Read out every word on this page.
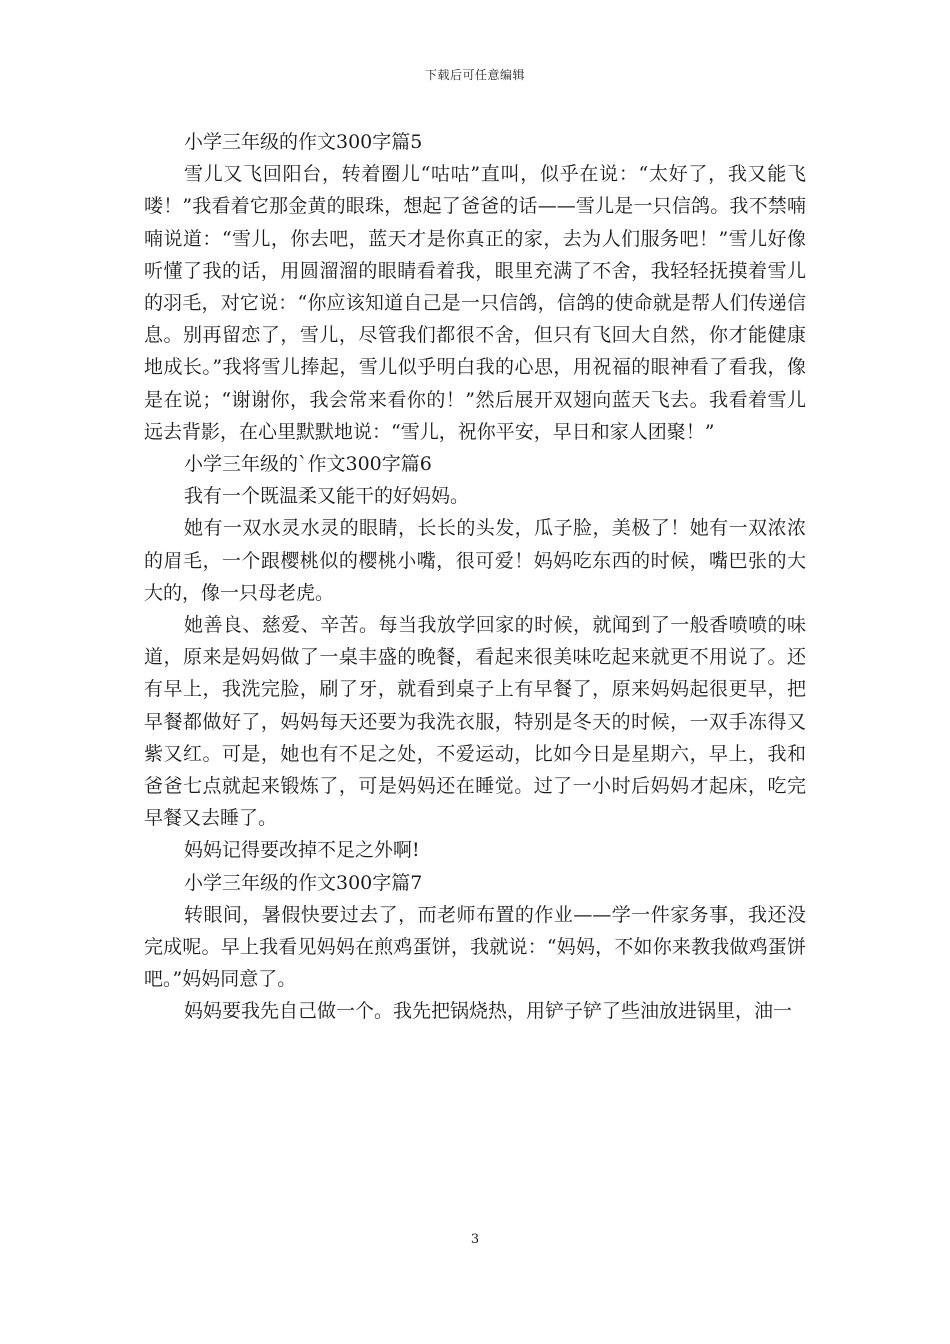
下载后可任意编辑

小学三年级的作文300字篇5

雪儿又飞回阳台，转着圈儿“咕咕”直叫，似乎在说：“太好了，我又能飞喽！”我看着它那金黄的眼珠，想起了爸爸的话——雪儿是一只信鸽。我不禁喃喃说道：“雪儿，你去吧，蓝天才是你真正的家，去为人们服务吧！”雪儿好像听懂了我的话，用圆溜溜的眼睛看着我，眼里充满了不舍，我轻轻抚摸着雪儿的羽毛，对它说：“你应该知道自己是一只信鸽，信鸽的使命就是帮人们传递信息。别再留恋了，雪儿，尽管我们都很不舍，但只有飞回大自然，你才能健康地成长。”我将雪儿捧起，雪儿似乎明白我的心思，用祝福的眼神看了看我，像是在说；“谢谢你，我会常来看你的！”然后展开双翅向蓝天飞去。我看着雪儿远去背影，在心里默默地说：“雪儿，祝你平安，早日和家人团聚！”

小学三年级的`作文300字篇6

我有一个既温柔又能干的好妈妈。

她有一双水灵水灵的眼睛，长长的头发，瓜子脸，美极了！她有一双浓浓的眉毛，一个跟樱桃似的樱桃小嘴，很可爱！妈妈吃东西的时候，嘴巴张的大大的，像一只母老虎。

她善良、慈爱、辛苦。每当我放学回家的时候，就闻到了一般香喷喷的味道，原来是妈妈做了一桌丰盛的晚餐，看起来很美味吃起来就更不用说了。还有早上，我洗完脸，刷了牙，就看到桌子上有早餐了，原来妈妈起很更早，把早餐都做好了，妈妈每天还要为我洗衣服，特别是冬天的时候，一双手冻得又紫又红。可是，她也有不足之处，不爱运动，比如今日是星期六，早上，我和爸爸七点就起来锻炼了，可是妈妈还在睡觉。过了一小时后妈妈才起床，吃完早餐又去睡了。

妈妈记得要改掉不足之外啊!

小学三年级的作文300字篇7

转眼间，暑假快要过去了，而老师布置的作业——学一件家务事，我还没完成呢。早上我看见妈妈在煎鸡蛋饼，我就说：“妈妈，不如你来教我做鸡蛋饼吧。”妈妈同意了。

妈妈要我先自己做一个。我先把锅烧热，用铲子铲了些油放进锅里，油一

3
